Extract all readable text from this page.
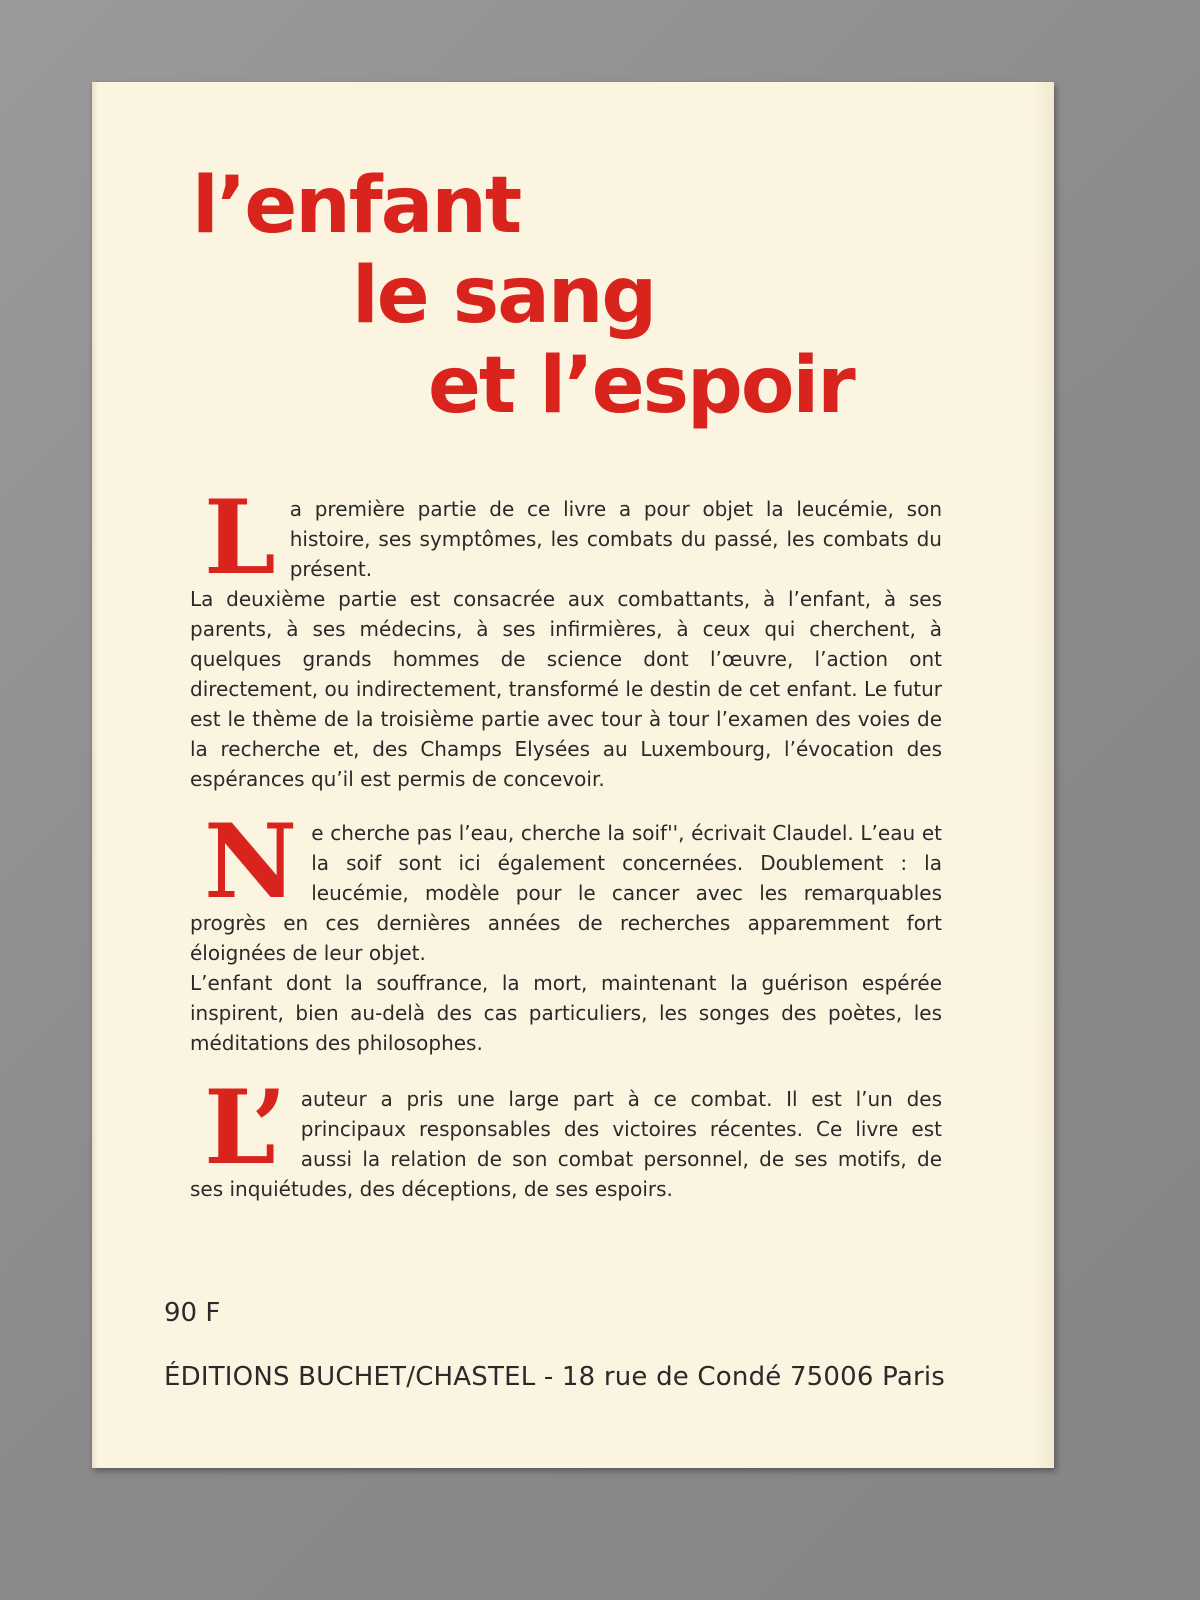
l’enfant
le sang
et l’espoir
L a première partie de ce livre a pour objet la leucémie, son histoire, ses symptômes, les combats du passé, les combats du présent.

La deuxième partie est consacrée aux combattants, à l’enfant, à ses parents, à ses médecins, à ses infirmières, à ceux qui cherchent, à quelques grands hommes de science dont l’œuvre, l’action ont directement, ou indirectement, transformé le destin de cet enfant. Le futur est le thème de la troisième partie avec tour à tour l’examen des voies de la recherche et, des Champs Elysées au Luxembourg, l’évocation des espérances qu’il est permis de concevoir.

N e cherche pas l’eau, cherche la soif'', écrivait Claudel. L’eau et la soif sont ici également concernées. Doublement : la leucémie, modèle pour le cancer avec les remarquables progrès en ces dernières années de recherches apparemment fort éloignées de leur objet.

L’enfant dont la souffrance, la mort, maintenant la guérison espérée inspirent, bien au-delà des cas particuliers, les songes des poètes, les méditations des philosophes.

L’ auteur a pris une large part à ce combat. Il est l’un des principaux responsables des victoires récentes. Ce livre est aussi la relation de son combat personnel, de ses motifs, de ses inquiétudes, des déceptions, de ses espoirs.

90 F
ÉDITIONS BUCHET/CHASTEL - 18 rue de Condé 75006 Paris
